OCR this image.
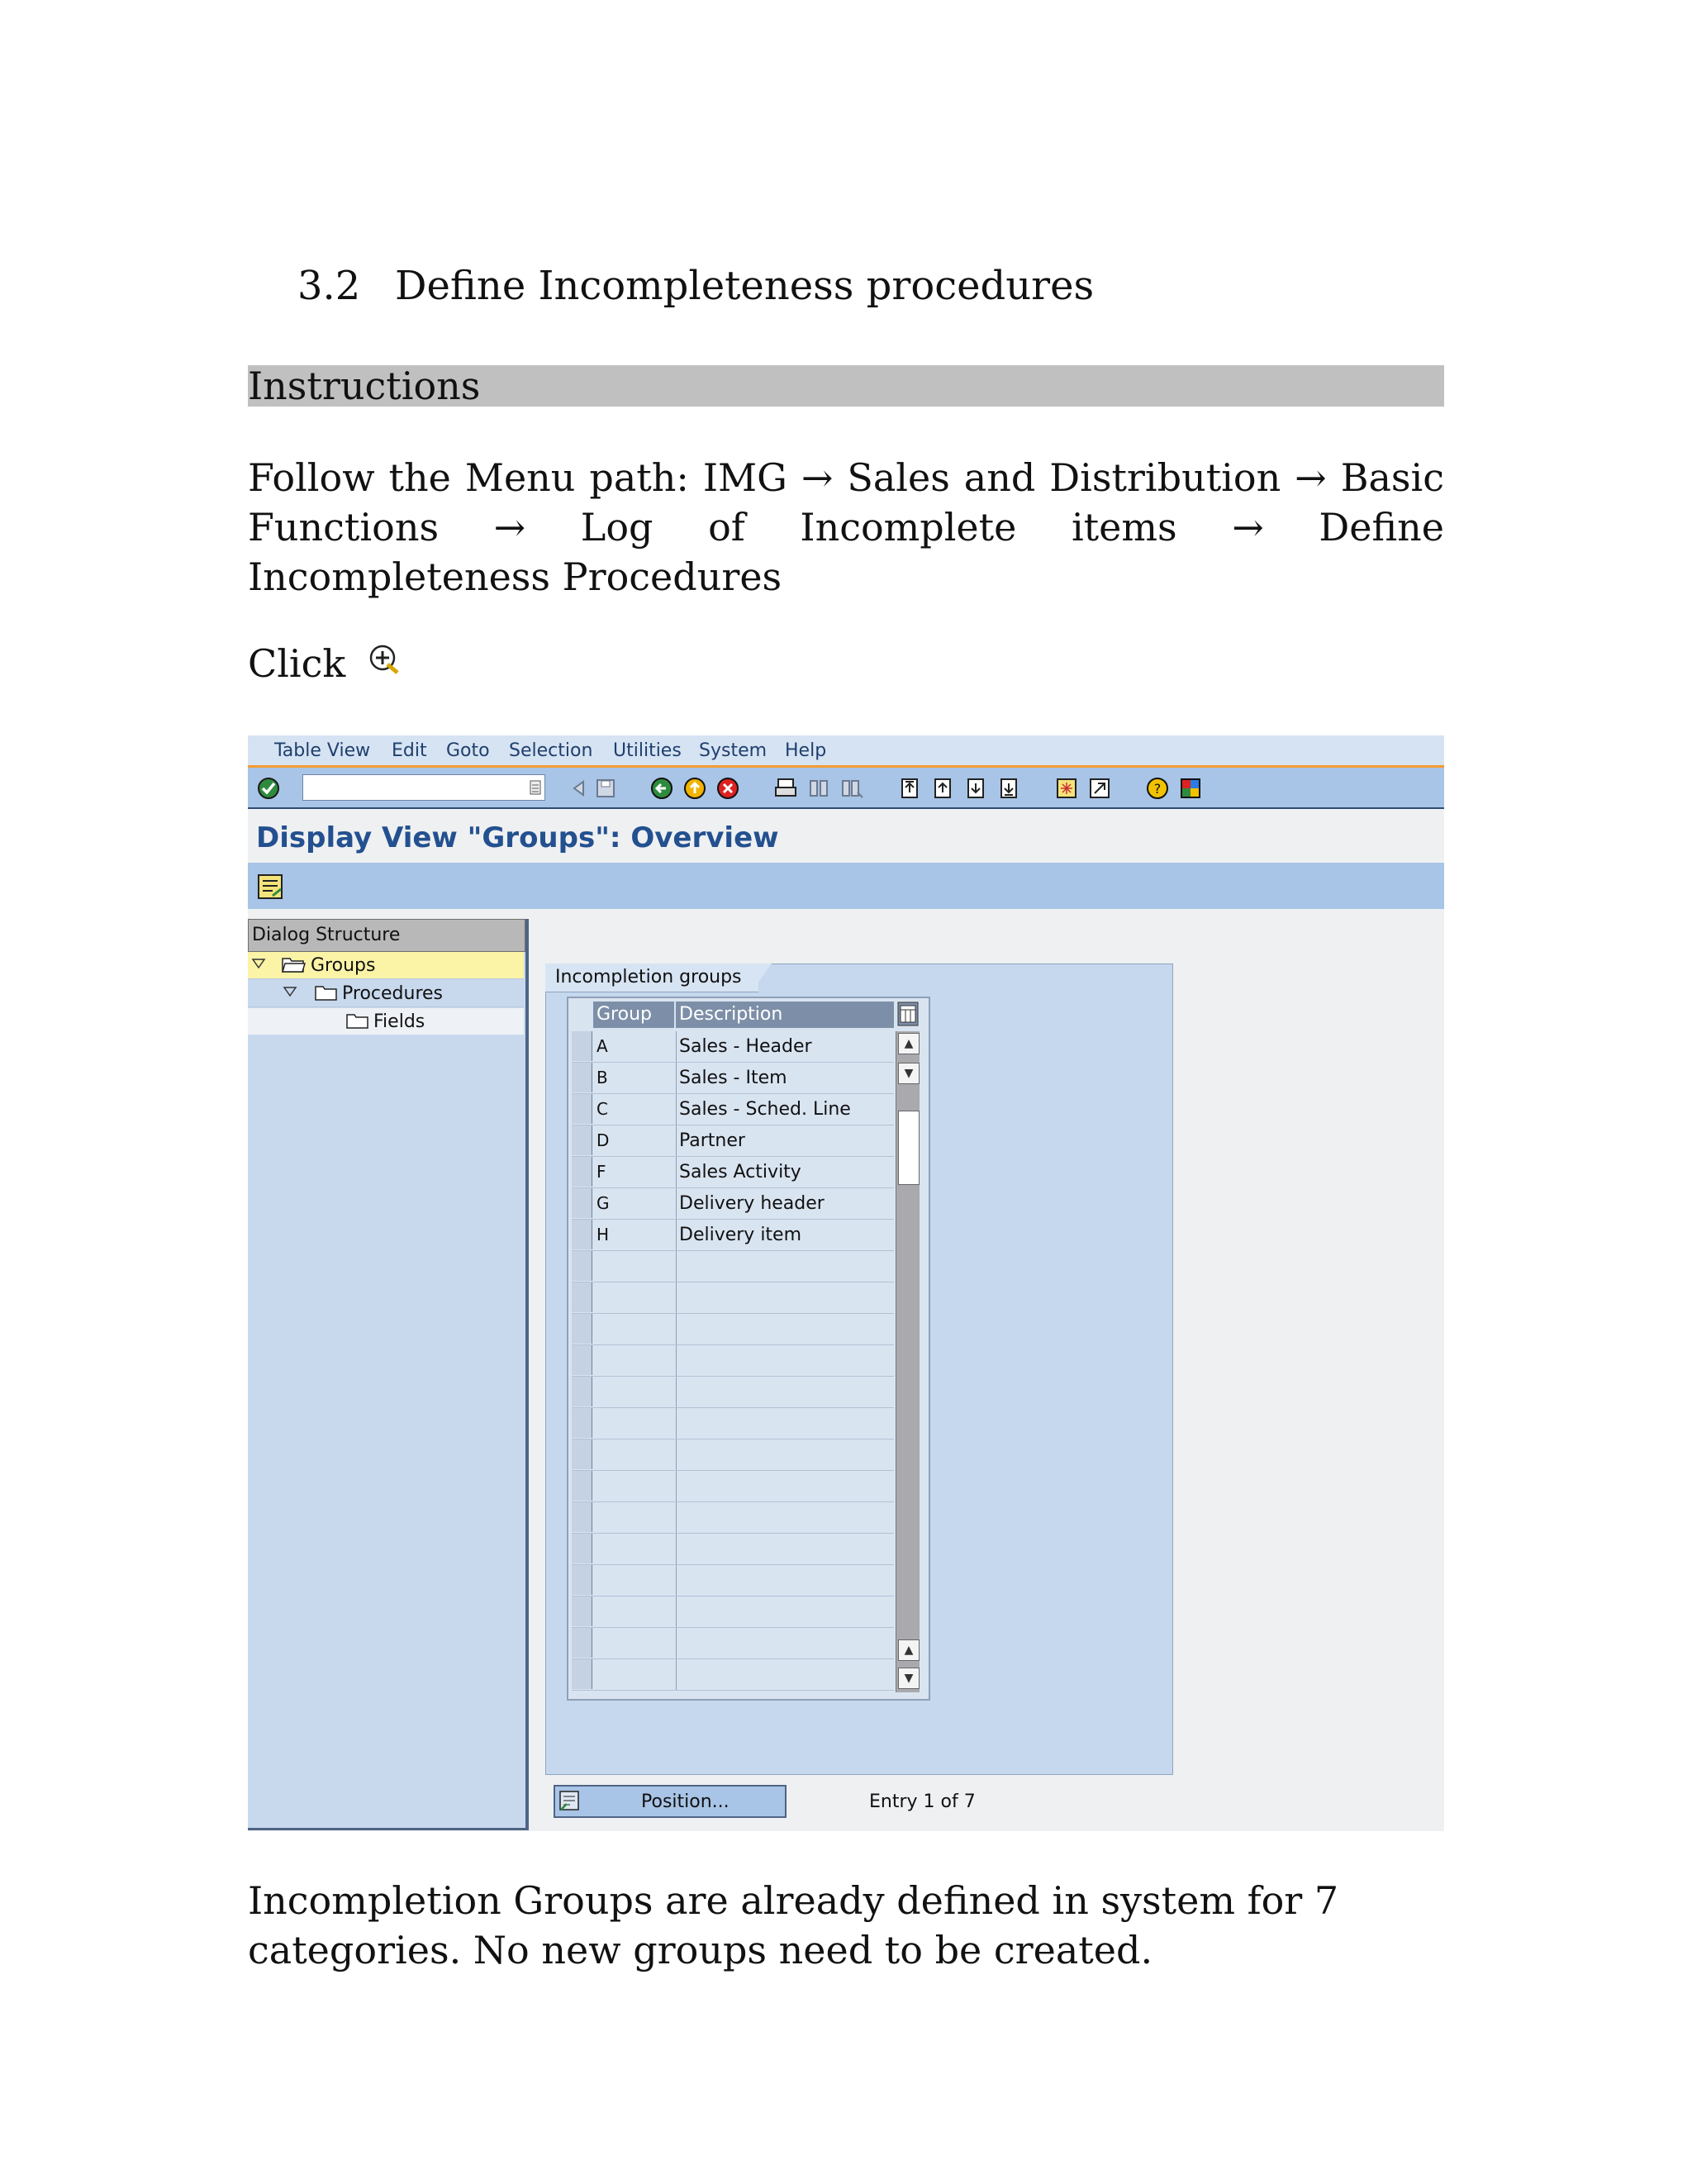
3.2 Define Incompleteness procedures
Instructions
Follow the Menu path: IMG → Sales and Distribution → Basic Functions → Log of Incomplete items → Define Incompleteness Procedures
Click
Table View Edit Goto Selection Utilities System Help
?
Display View "Groups": Overview
Dialog Structure
Groups
Procedures
Fields
Incompletion groups
Group Description
A	Sales - Header
B	Sales - Item
C	Sales - Sched. Line
D	Partner
F	Sales Activity
G	Delivery header
H	Delivery item
▲
▼
▲
▼
Position...	Entry 1 of 7
Incompletion Groups are already defined in system for 7 categories. No new groups need to be created.
